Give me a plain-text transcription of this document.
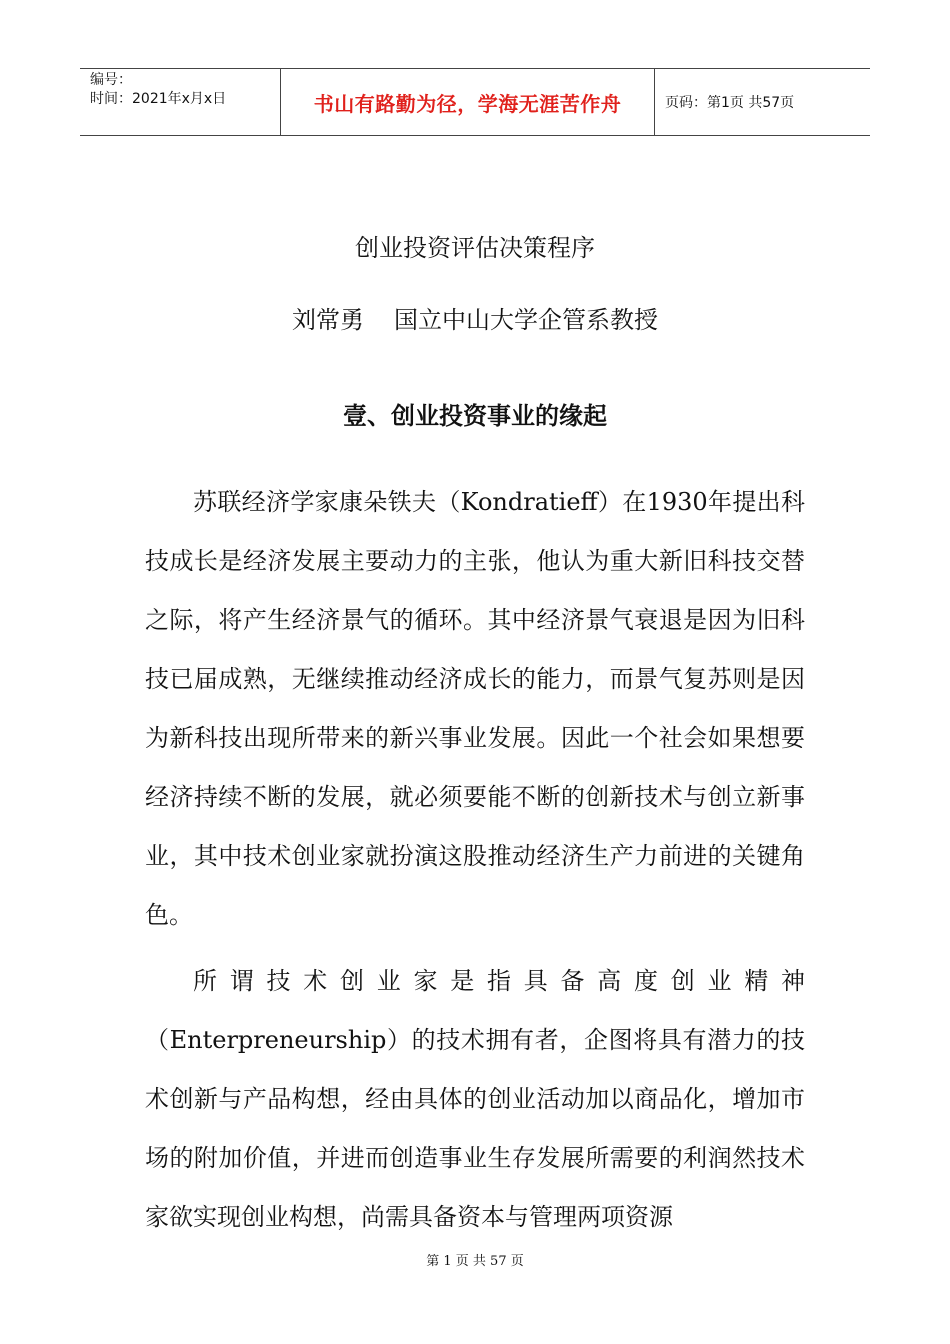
编号：
时间：2021年x月x日	书山有路勤为径，学海无涯苦作舟	页码：第1页 共57页
创业投资评估决策程序
刘常勇 国立中山大学企管系教授
壹、创业投资事业的缘起

苏联经济学家康朵铁夫（Kondratieff）在1930年提出科技成长是经济发展主要动力的主张，他认为重大新旧科技交替之际，将产生经济景气的循环。其中经济景气衰退是因为旧科技已届成熟，无继续推动经济成长的能力，而景气复苏则是因为新科技出现所带来的新兴事业发展。因此一个社会如果想要经济持续不断的发展，就必须要能不断的创新技术与创立新事业，其中技术创业家就扮演这股推动经济生产力前进的关键角色。

所谓技术创业家是指具备高度创业精神
（Enterpreneurship）的技术拥有者，企图将具有潜力的技术创新与产品构想，经由具体的创业活动加以商品化，增加市场的附加价值，并进而创造事业生存发展所需要的利润然技术家欲实现创业构想，尚需具备资本与管理两项资源
第 1 页 共 57 页
